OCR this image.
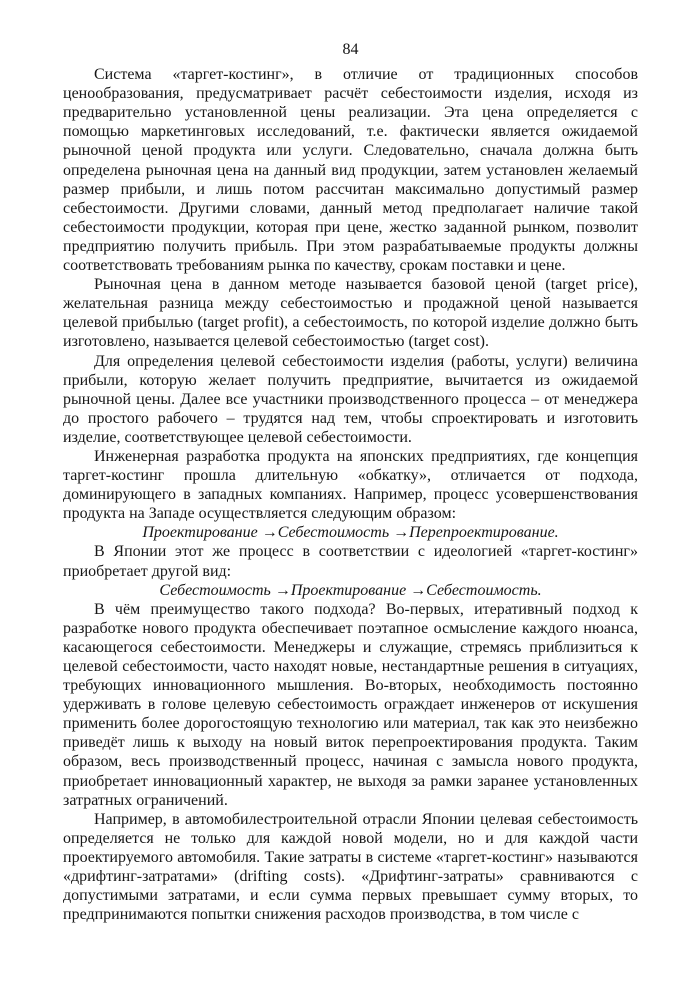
84

Система «таргет-костинг», в отличие от традиционных способов ценообразования, предусматривает расчёт себестоимости изделия, исходя из предварительно установленной цены реализации. Эта цена определяется с помощью маркетинговых исследований, т.е. фактически является ожидаемой рыночной ценой продукта или услуги. Следовательно, сначала должна быть определена рыночная цена на данный вид продукции, затем установлен желаемый размер прибыли, и лишь потом рассчитан максимально допустимый размер себестоимости. Другими словами, данный метод предполагает наличие такой себестоимости продукции, которая при цене, жестко заданной рынком, позволит предприятию получить прибыль. При этом разрабатываемые продукты должны соответствовать требованиям рынка по качеству, срокам поставки и цене.

Рыночная цена в данном методе называется базовой ценой (target price), желательная разница между себестоимостью и продажной ценой называется целевой прибылью (target profit), а себестоимость, по которой изделие должно быть изготовлено, называется целевой себестоимостью (target cost).

Для определения целевой себестоимости изделия (работы, услуги) величина прибыли, которую желает получить предприятие, вычитается из ожидаемой рыночной цены. Далее все участники производственного процесса – от менеджера до простого рабочего – трудятся над тем, чтобы спроектировать и изготовить изделие, соответствующее целевой себестоимости.

Инженерная разработка продукта на японских предприятиях, где концепция таргет-костинг прошла длительную «обкатку», отличается от подхода, доминирующего в западных компаниях. Например, процесс усовершенствования продукта на Западе осуществляется следующим образом:

Проектирование →Себестоимость →Перепроектирование.

В Японии этот же процесс в соответствии с идеологией «таргет-костинг» приобретает другой вид:

Себестоимость →Проектирование →Себестоимость.

В чём преимущество такого подхода? Во-первых, итеративный подход к разработке нового продукта обеспечивает поэтапное осмысление каждого нюанса, касающегося себестоимости. Менеджеры и служащие, стремясь приблизиться к целевой себестоимости, часто находят новые, нестандартные решения в ситуациях, требующих инновационного мышления. Во-вторых, необходимость постоянно удерживать в голове целевую себестоимость ограждает инженеров от искушения применить более дорогостоящую технологию или материал, так как это неизбежно приведёт лишь к выходу на новый виток перепроектирования продукта. Таким образом, весь производственный процесс, начиная с замысла нового продукта, приобретает инновационный характер, не выходя за рамки заранее установленных затратных ограничений.

Например, в автомобилестроительной отрасли Японии целевая себестоимость определяется не только для каждой новой модели, но и для каждой части проектируемого автомобиля. Такие затраты в системе «таргет-костинг» называются «дрифтинг-затратами» (drifting costs). «Дрифтинг-затраты» сравниваются с допустимыми затратами, и если сумма первых превышает сумму вторых, то предпринимаются попытки снижения расходов производства, в том числе с
